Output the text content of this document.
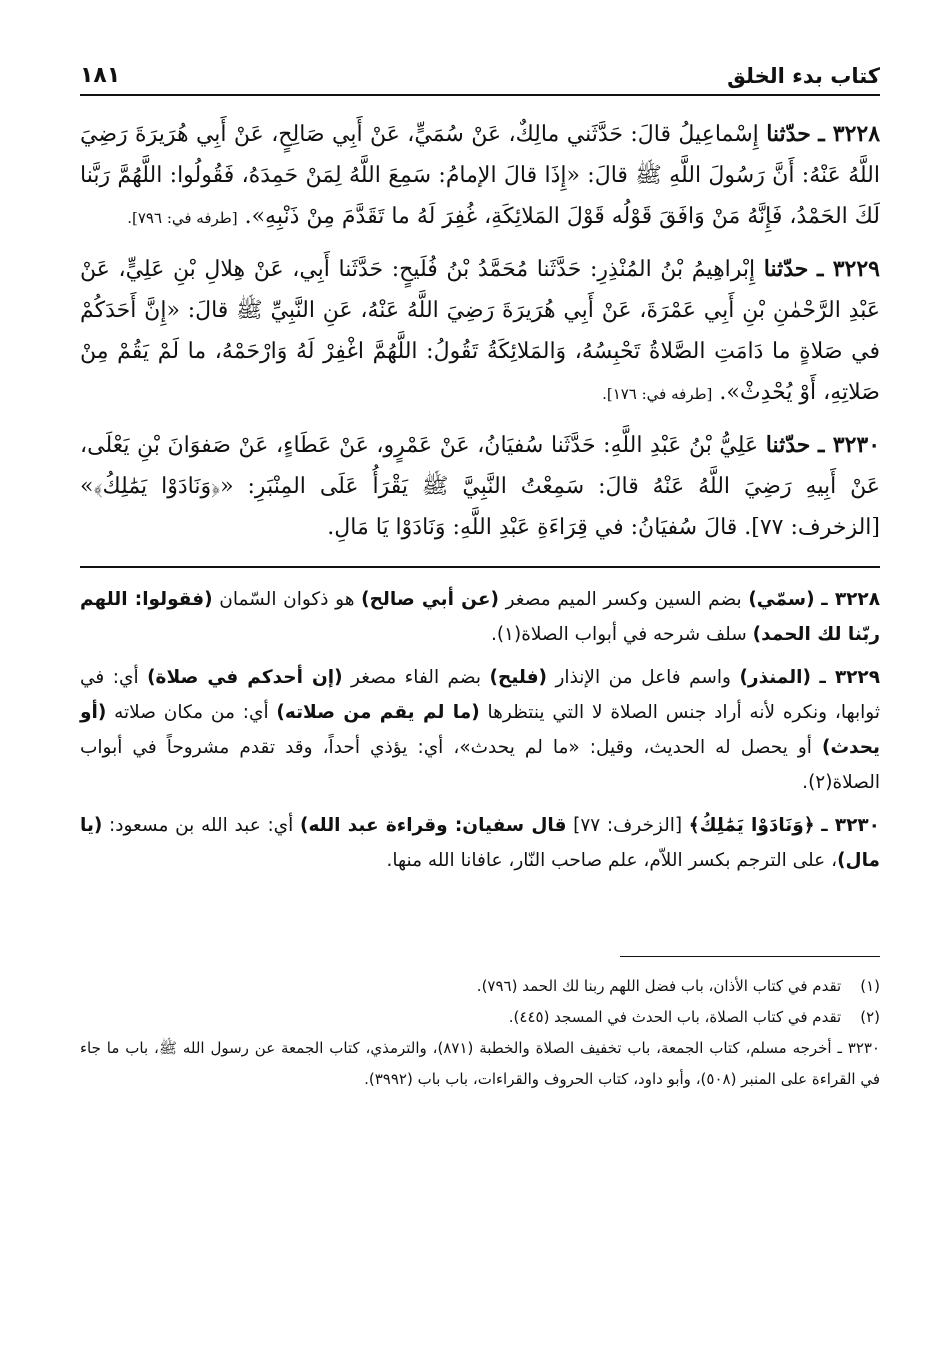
كتاب بدء الخلق
١٨١

٣٢٢٨ ـ حدّثنا إِسْماعِيلُ قالَ: حَدَّثَني مالِكٌ، عَنْ سُمَيٍّ، عَنْ أَبِي صَالِحٍ، عَنْ أَبِي هُرَيرَةَ رَضِيَ اللَّهُ عَنْهُ: أَنَّ رَسُولَ اللَّهِ ﷺ قالَ: «إِذَا قالَ الإمامُ: سَمِعَ اللَّهُ لِمَنْ حَمِدَهُ، فَقُولُوا: اللَّهُمَّ رَبَّنا لَكَ الحَمْدُ، فَإِنَّهُ مَنْ وَافَقَ قَوْلُه قَوْلَ المَلائِكَةِ، غُفِرَ لَهُ ما تَقَدَّمَ مِنْ ذَنْبِهِ». [طرفه في: ٧٩٦].

٣٢٢٩ ـ حدّثنا إِبْراهِيمُ بْنُ المُنْذِرِ: حَدَّثَنا مُحَمَّدُ بْنُ فُلَيحٍ: حَدَّثَنا أَبِي، عَنْ هِلالِ بْنِ عَلِيٍّ، عَنْ عَبْدِ الرَّحْمٰنِ بْنِ أَبِي عَمْرَةَ، عَنْ أَبِي هُرَيرَةَ رَضِيَ اللَّهُ عَنْهُ، عَنِ النَّبِيِّ ﷺ قالَ: «إِنَّ أَحَدَكُمْ في صَلاةٍ ما دَامَتِ الصَّلاةُ تَحْبِسُهُ، وَالمَلائِكَةُ تَقُولُ: اللَّهُمَّ اغْفِرْ لَهُ وَارْحَمْهُ، ما لَمْ يَقُمْ مِنْ صَلاتِهِ، أَوْ يُحْدِثْ». [طرفه في: ١٧٦].

٣٢٣٠ ـ حدّثنا عَلِيُّ بْنُ عَبْدِ اللَّهِ: حَدَّثَنا سُفيَانُ، عَنْ عَمْرٍو، عَنْ عَطَاءٍ، عَنْ صَفوَانَ بْنِ يَعْلَى، عَنْ أَبِيهِ رَضِيَ اللَّهُ عَنْهُ قالَ: سَمِعْتُ النَّبِيَّ ﷺ يَقْرَأُ عَلَى المِنْبَرِ: «﴿وَنَادَوْا يَمَٰلِكُ﴾» [الزخرف: ٧٧]. قالَ سُفيَانُ: في قِرَاءَةِ عَبْدِ اللَّهِ: وَنَادَوْا يَا مَالِ.

٣٢٢٨ ـ (سمّي) بضم السين وكسر الميم مصغر (عن أبي صالح) هو ذكوان السّمان (فقولوا: اللهم ربّنا لك الحمد) سلف شرحه في أبواب الصلاة(١).

٣٢٢٩ ـ (المنذر) واسم فاعل من الإنذار (فليح) بضم الفاء مصغر (إن أحدكم في صلاة) أي: في ثوابها، ونكره لأنه أراد جنس الصلاة لا التي ينتظرها (ما لم يقم من صلاته) أي: من مكان صلاته (أو يحدث) أو يحصل له الحديث، وقيل: «ما لم يحدث»، أي: يؤذي أحداً، وقد تقدم مشروحاً في أبواب الصلاة(٢).

٣٢٣٠ ـ ﴿وَنَادَوْا يَمَٰلِكُ﴾ [الزخرف: ٧٧] قال سفيان: وقراءة عبد الله) أي: عبد الله بن مسعود: (يا مال)، على الترجم بكسر اللاّم، علم صاحب النّار، عافانا الله منها.

(١) تقدم في كتاب الأذان، باب فضل اللهم ربنا لك الحمد (٧٩٦).

(٢) تقدم في كتاب الصلاة، باب الحدث في المسجد (٤٤٥).

٣٢٣٠ ـ أخرجه مسلم، كتاب الجمعة، باب تخفيف الصلاة والخطبة (٨٧١)، والترمذي، كتاب الجمعة عن رسول الله ﷺ، باب ما جاء في القراءة على المنبر (٥٠٨)، وأبو داود، كتاب الحروف والقراءات، باب باب (٣٩٩٢).
